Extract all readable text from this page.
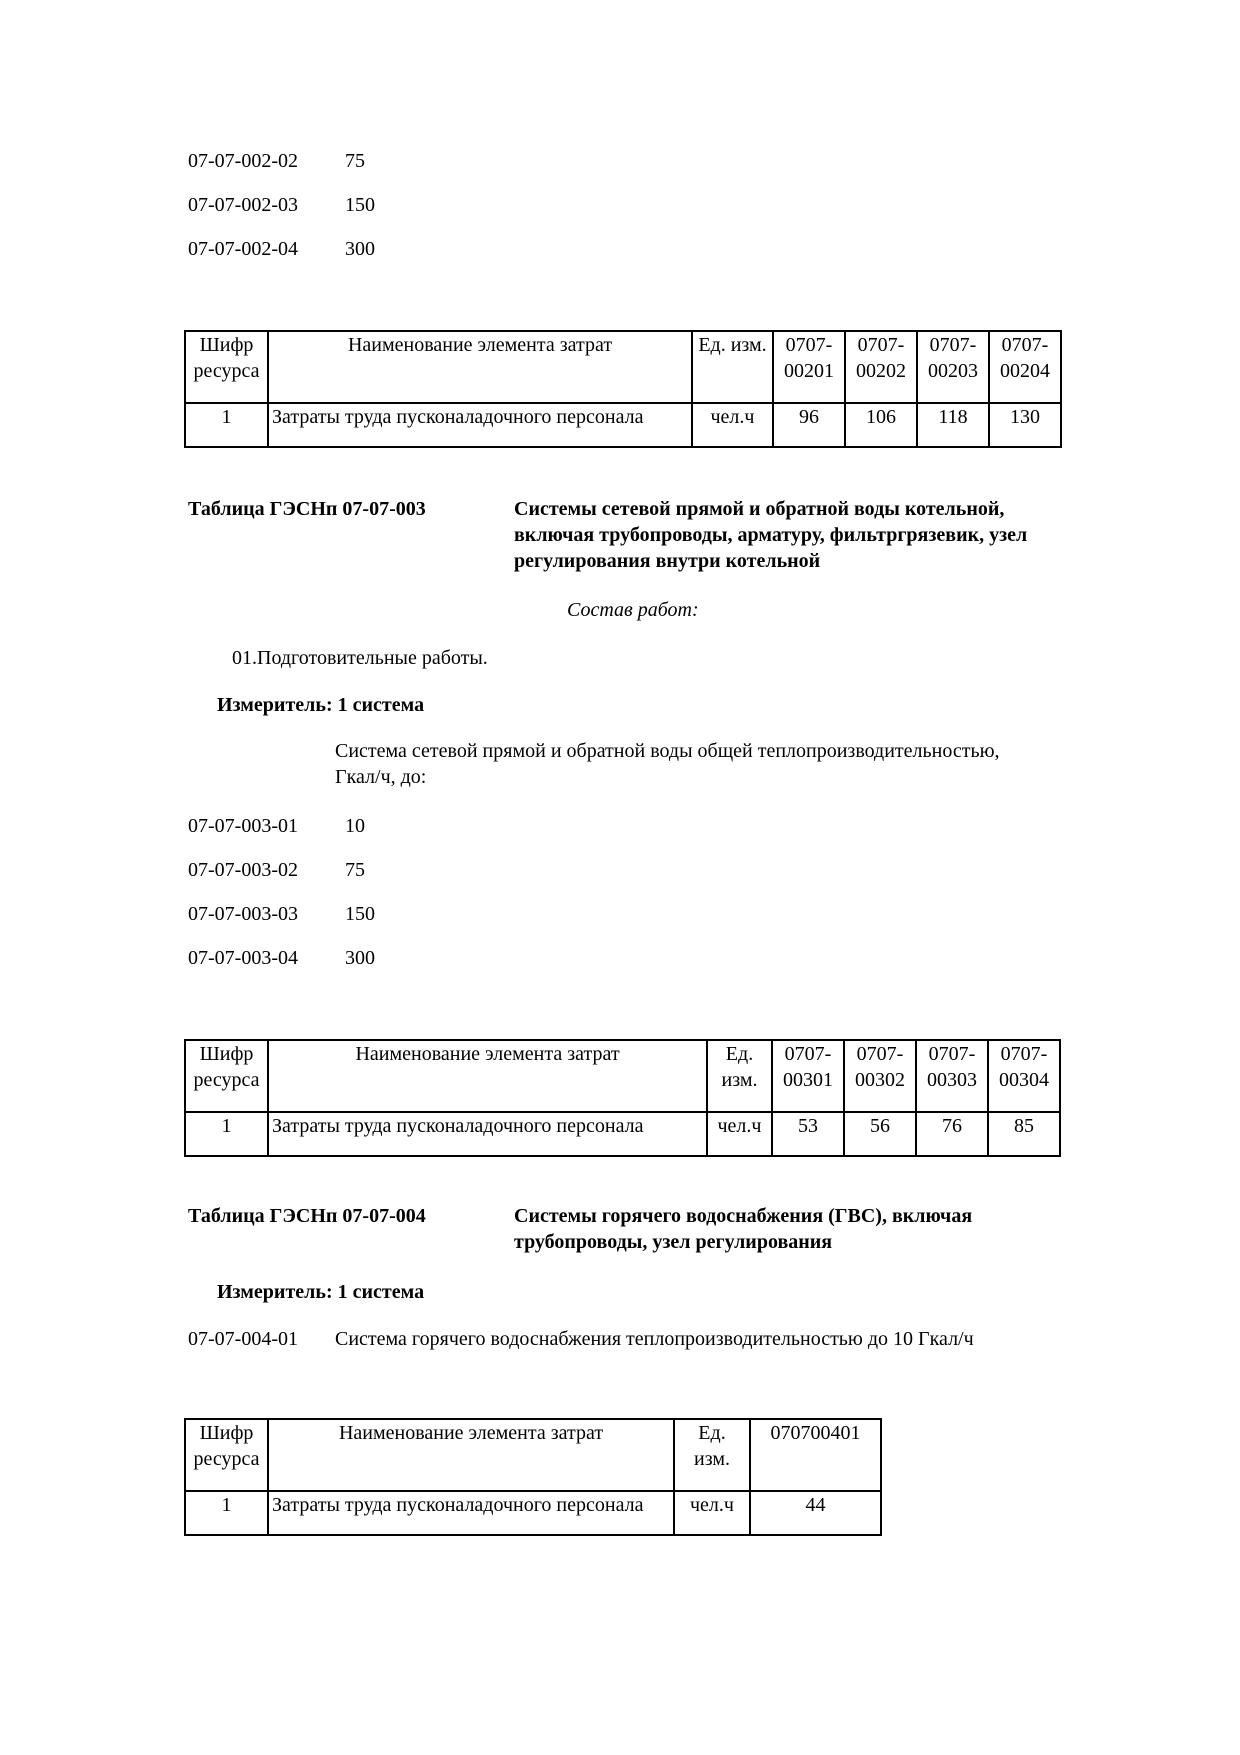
07-07-002-02 75
07-07-002-03 150
07-07-002-04 300
Шифр ресурса	Наименование элемента затрат	Ед. изм.	0707-00201	0707-00202	0707-00203	0707-00204
1	Затраты труда пусконаладочного персонала	чел.ч	96	106	118	130
Таблица ГЭСНп 07-07-003	Системы сетевой прямой и обратной воды котельной,
включая трубопроводы, арматуру, фильтргрязевик, узел
регулирования внутри котельной
Состав работ:
01.Подготовительные работы.
Измеритель: 1 система
Система сетевой прямой и обратной воды общей теплопроизводительностью,
Гкал/ч, до:
07-07-003-01 10
07-07-003-02 75
07-07-003-03 150
07-07-003-04 300
Шифр ресурса	Наименование элемента затрат	Ед. изм.	0707-00301	0707-00302	0707-00303	0707-00304
1	Затраты труда пусконаладочного персонала	чел.ч	53	56	76	85
Таблица ГЭСНп 07-07-004	Системы горячего водоснабжения (ГВС), включая
трубопроводы, узел регулирования
Измеритель: 1 система
07-07-004-01 Система горячего водоснабжения теплопроизводительностью до 10 Гкал/ч
Шифр ресурса	Наименование элемента затрат	Ед. изм.	070700401
1	Затраты труда пусконаладочного персонала	чел.ч	44
